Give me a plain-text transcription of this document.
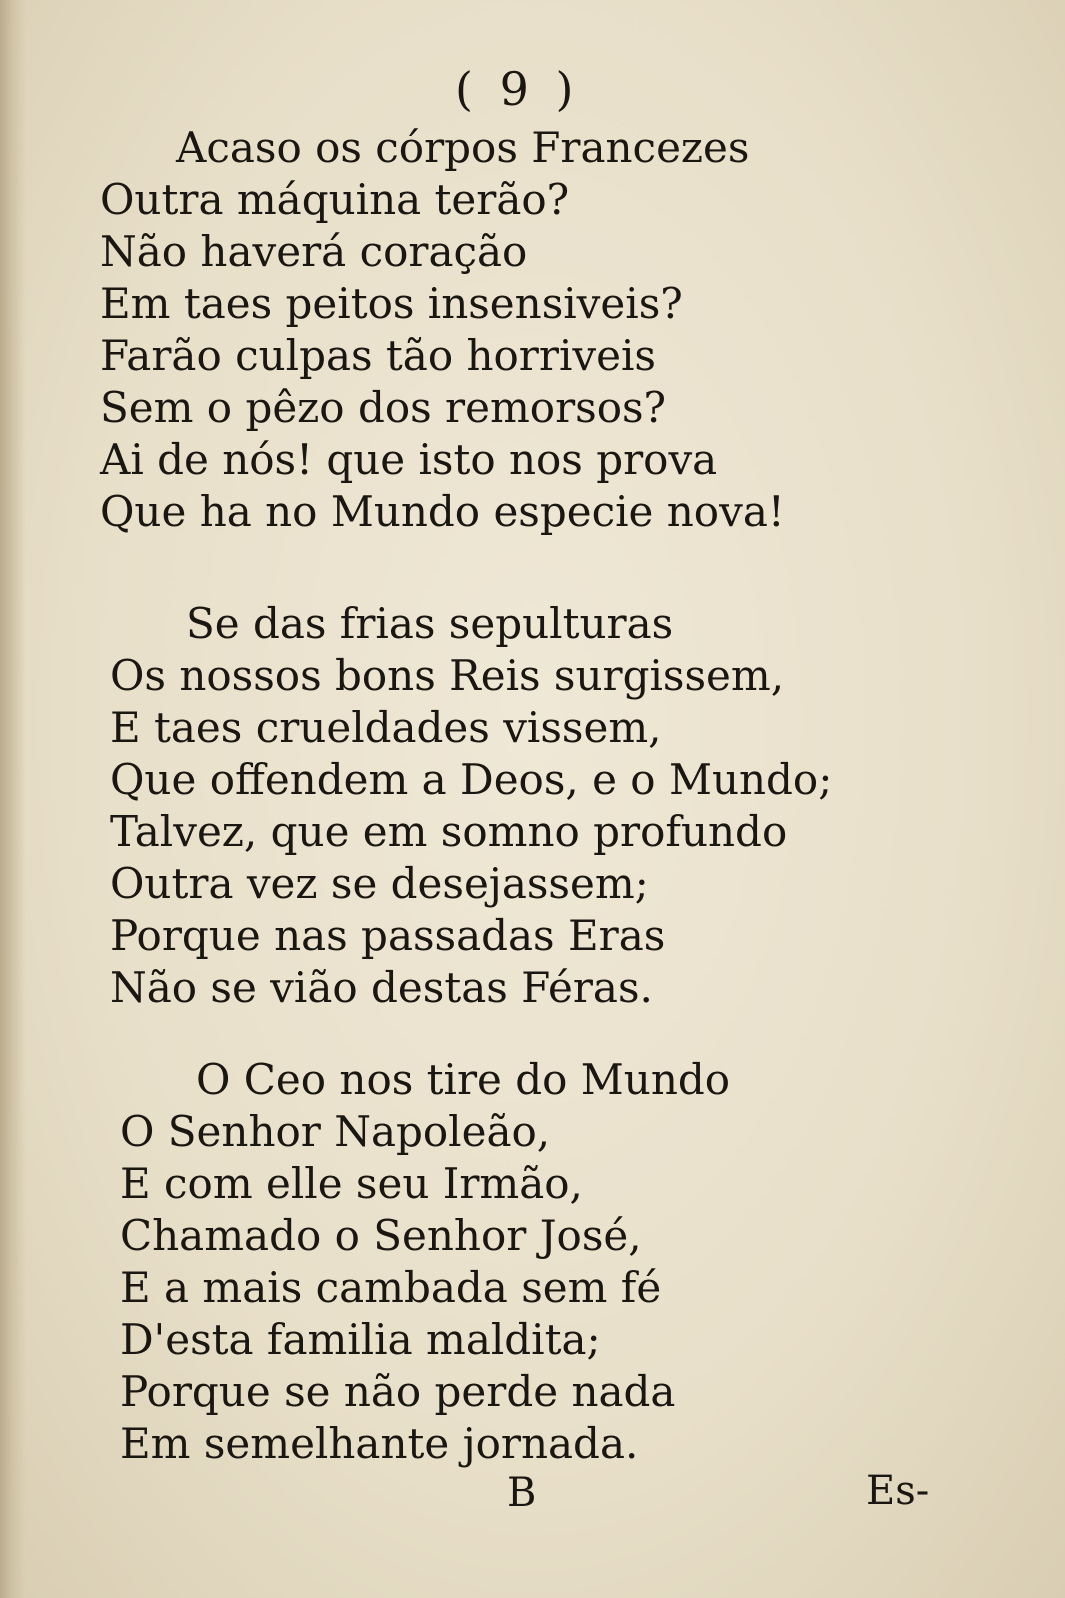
( 9 )
Acaso os córpos Francezes
Outra máquina terão?
Não haverá coração
Em taes peitos insensiveis?
Farão culpas tão horriveis
Sem o pêzo dos remorsos?
Ai de nós! que isto nos prova
Que ha no Mundo especie nova!
Se das frias sepulturas
Os nossos bons Reis surgissem,
E taes crueldades vissem,
Que offendem a Deos, e o Mundo;
Talvez, que em somno profundo
Outra vez se desejassem;
Porque nas passadas Eras
Não se vião destas Féras.
O Ceo nos tire do Mundo
O Senhor Napoleão,
E com elle seu Irmão,
Chamado o Senhor José,
E a mais cambada sem fé
D'esta familia maldita;
Porque se não perde nada
Em semelhante jornada.
B	Es-
